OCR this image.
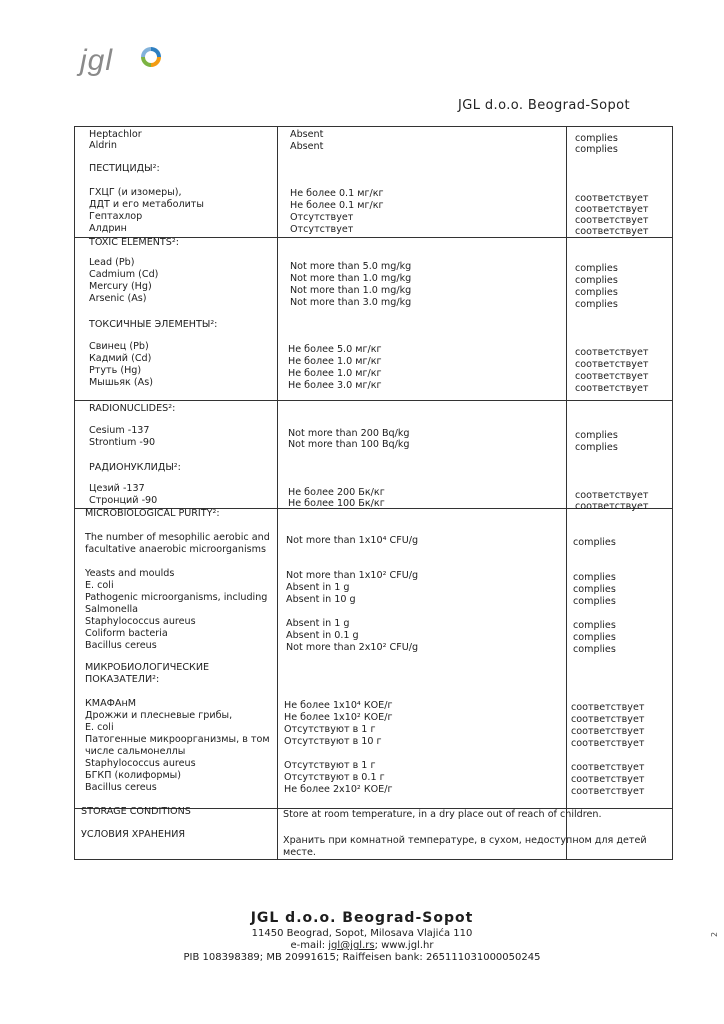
jgl
JGL d.o.o. Beograd-Sopot
Heptachlor	Absent	complies
Aldrin	Absent	complies
ПЕСТИЦИДЫ²:
ГХЦГ (и изомеры),	Не более 0.1 мг/кг	соответствует
ДДТ и его метаболиты	Не более 0.1 мг/кг	соответствует
Гептахлор	Отсутствует	соответствует
Алдрин	Отсутствует	соответствует
TOXIC ELEMENTS²:
Lead (Pb)	Not more than 5.0 mg/kg	complies
Cadmium (Cd)	Not more than 1.0 mg/kg	complies
Mercury (Hg)	Not more than 1.0 mg/kg	complies
Arsenic (As)	Not more than 3.0 mg/kg	complies
ТОКСИЧНЫЕ ЭЛЕМЕНТЫ²:
Свинец (Pb)	Не более 5.0 мг/кг	соответствует
Кадмий (Cd)	Не более 1.0 мг/кг	соответствует
Ртуть (Hg)	Не более 1.0 мг/кг	соответствует
Мышьяк (As)	Не более 3.0 мг/кг	соответствует
RADIONUCLIDES²:
Cesium -137	Not more than 200 Bq/kg	complies
Strontium -90	Not more than 100 Bq/kg	complies
РАДИОНУКЛИДЫ²:
Цезий -137	Не более 200 Бк/кг	соответствует
Стронций -90	Не более 100 Бк/кг	соответствует
MICROBIOLOGICAL PURITY²:
The number of mesophilic aerobic and facultative anaerobic microorganisms
Not more than 1x10⁴ CFU/g	complies
Yeasts and moulds	Not more than 1x10² CFU/g	complies
E. coli	Absent in 1 g	complies
Pathogenic microorganisms, including Salmonella
Absent in 10 g	complies
Staphylococcus aureus	Absent in 1 g	complies
Coliform bacteria	Absent in 0.1 g	complies
Bacillus cereus	Not more than 2x10² CFU/g	complies
МИКРОБИОЛОГИЧЕСКИЕ ПОКАЗАТЕЛИ²:
КМАФАнМ	Не более 1x10⁴ КОЕ/г	соответствует
Дрожжи и плесневые грибы,	Не более 1x10² КОЕ/г	соответствует
E. coli	Отсутствуют в 1 г	соответствует
Патогенные микроорганизмы, в том числе сальмонеллы
Отсутствуют в 10 г	соответствует
Staphylococcus aureus	Отсутствуют в 1 г	соответствует
БГКП (колиформы)	Отсутствуют в 0.1 г	соответствует
Bacillus cereus	Не более 2x10² КОЕ/г	соответствует
STORAGE CONDITIONS	Store at room temperature, in a dry place out of reach of children.
УСЛОВИЯ ХРАНЕНИЯ
Хранить при комнатной температуре, в сухом, недоступном для детей месте.
JGL d.o.o. Beograd-Sopot
11450 Beograd, Sopot, Milosava Vlajića 110
e-mail: jgl@jgl.rs; www.jgl.hr
PIB 108398389; MB 20991615; Raiffeisen bank: 265111031000050245
2
